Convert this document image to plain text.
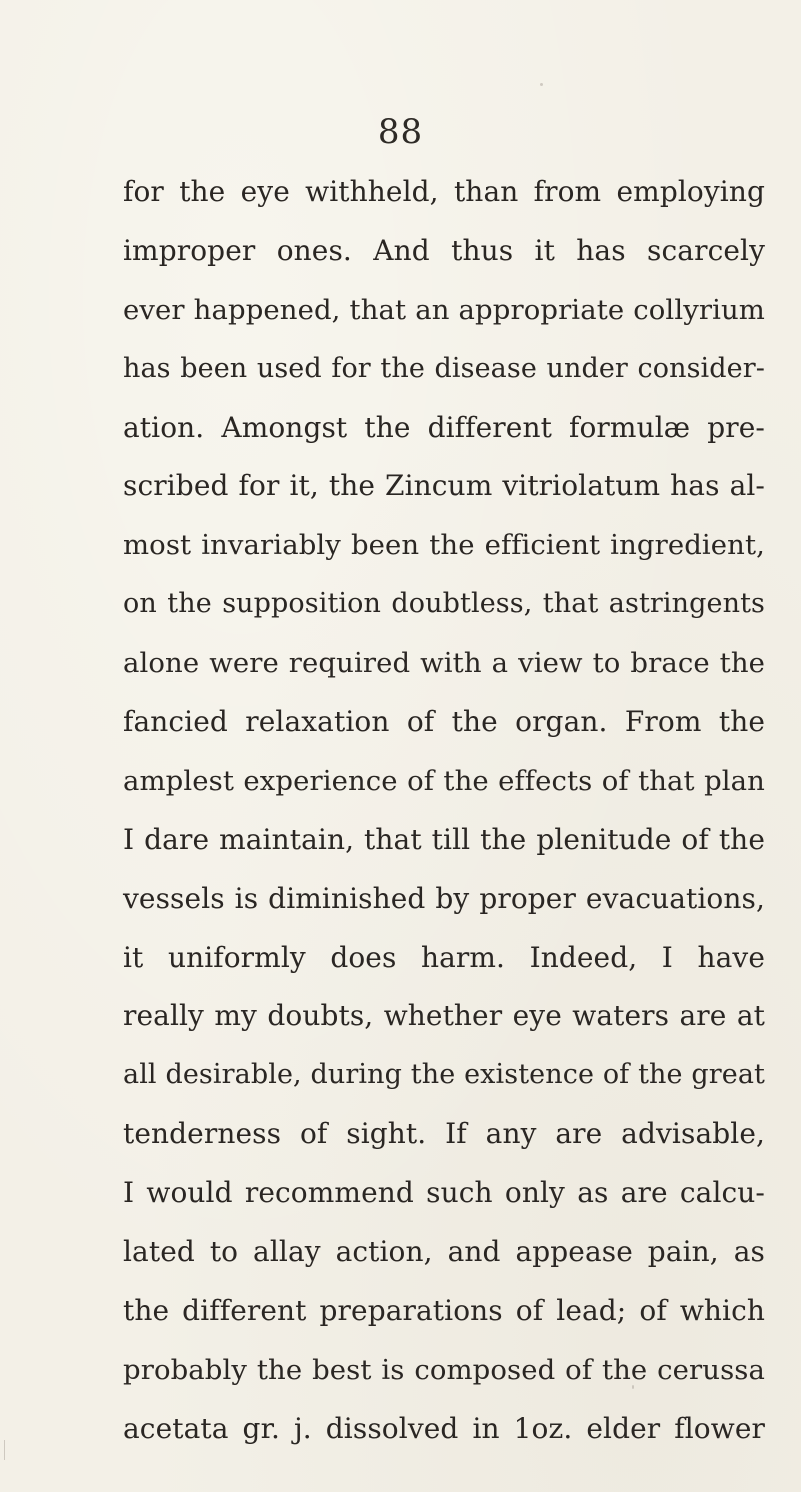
88
for the eye withheld, than from employing
improper ones. And thus it has scarcely
ever happened, that an appropriate collyrium
has been used for the disease under consider-
ation. Amongst the different formulæ pre-
scribed for it, the Zincum vitriolatum has al-
most invariably been the efficient ingredient,
on the supposition doubtless, that astringents
alone were required with a view to brace the
fancied relaxation of the organ. From the
amplest experience of the effects of that plan
I dare maintain, that till the plenitude of the
vessels is diminished by proper evacuations,
it uniformly does harm. Indeed, I have
really my doubts, whether eye waters are at
all desirable, during the existence of the great
tenderness of sight. If any are advisable,
I would recommend such only as are calcu-
lated to allay action, and appease pain, as
the different preparations of lead; of which
probably the best is composed of the cerussa
acetata gr. j. dissolved in 1oz. elder flower
